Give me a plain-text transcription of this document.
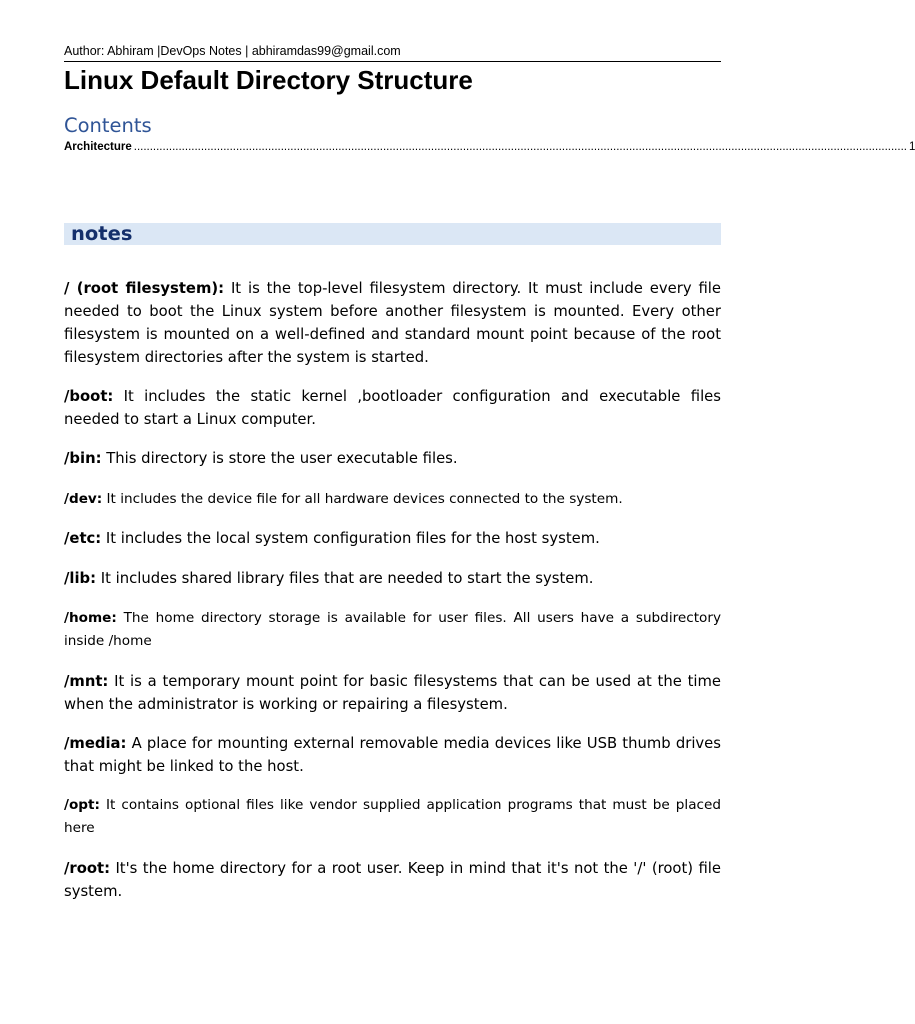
Author: Abhiram |DevOps Notes | abhiramdas99@gmail.com
Linux Default Directory Structure
Contents
Architecture .................................................................................................................................................................................................................................................. 1
notes

/ (root filesystem): It is the top-level filesystem directory. It must include every file needed to boot the Linux system before another filesystem is mounted. Every other filesystem is mounted on a well-defined and standard mount point because of the root filesystem directories after the system is started.

/boot: It includes the static kernel ,bootloader configuration and executable files needed to start a Linux computer.

/bin: This directory is store the user executable files.

/dev: It includes the device file for all hardware devices connected to the system.

/etc: It includes the local system configuration files for the host system.

/lib: It includes shared library files that are needed to start the system.

/home: The home directory storage is available for user files. All users have a subdirectory inside /home

/mnt: It is a temporary mount point for basic filesystems that can be used at the time when the administrator is working or repairing a filesystem.

/media: A place for mounting external removable media devices like USB thumb drives that might be linked to the host.

/opt: It contains optional files like vendor supplied application programs that must be placed here

/root: It's the home directory for a root user. Keep in mind that it's not the '/' (root) file system.
